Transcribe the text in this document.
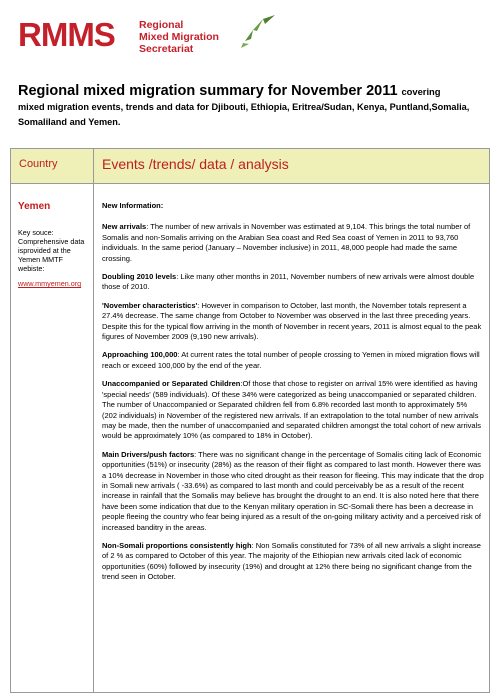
RMMS Regional
Mixed Migration
Secretariat
Regional mixed migration summary for November 2011 covering
mixed migration events, trends and data for Djibouti, Ethiopia, Eritrea/Sudan, Kenya, Puntland,Somalia, Somaliland and Yemen.
Country	Events /trends/ data / analysis
Yemen
Key souce: Comprehensive data isprovided at the Yemen MMTF webiste:
www.mmyemen.org

New Information:

New arrivals: The number of new arrivals in November was estimated at 9,104. This brings the total number of Somalis and non-Somalis arriving on the Arabian Sea coast and Red Sea coast of Yemen in 2011 to 93,760 individuals. In the same period (January – November inclusive) in 2011, 48,000 people had made the same crossing.

Doubling 2010 levels: Like many other months in 2011, November numbers of new arrivals were almost double those of 2010.

'November characteristics': However in comparison to October, last month, the November totals represent a 27.4% decrease. The same change from October to November was observed in the last three preceding years. Despite this for the typical flow arriving in the month of November in recent years, 2011 is almost equal to the peak figures of November 2009 (9,190 new arrivals).

Approaching 100,000: At current rates the total number of people crossing to Yemen in mixed migration flows will reach or exceed 100,000 by the end of the year.

Unaccompanied or Separated Children:Of those that chose to register on arrival 15% were identified as having 'special needs' (589 individuals). Of these 34% were categorized as being unaccompanied or separated children. The number of Unaccompanied or Separated children fell from 6.8% recorded last month to approximately 5% (202 individuals) in November of the registered new arrivals. If an extrapolation to the total number of new arrivals may be made, then the number of unaccompanied and separated children amongst the total cohort of new arrivals would be approximately 10% (as compared to 18% in October).

Main Drivers/push factors: There was no significant change in the percentage of Somalis citing lack of Economic opportunities (51%) or insecurity (28%) as the reason of their flight as compared to last month. However there was a 10% decrease in November in those who cited drought as their reason for fleeing. This may indicate that the drop in Somali new arrivals ( -33.6%) as compared to last month and could perceivably be as a result of the recent increase in rainfall that the Somalis may believe has brought the drought to an end. It is also noted here that there have been some indication that due to the Kenyan military operation in SC-Somali there has been a decrease in people fleeing the country who fear being injured as a result of the on-going military activity and a perceived risk of increased banditry in the areas.

Non-Somali proportions consistently high: Non Somalis constituted for 73% of all new arrivals a slight increase of 2 % as compared to October of this year. The majority of the Ethiopian new arrivals cited lack of economic opportunities (60%) followed by insecurity (19%) and drought at 12% there being no significant change from the trend seen in October.
